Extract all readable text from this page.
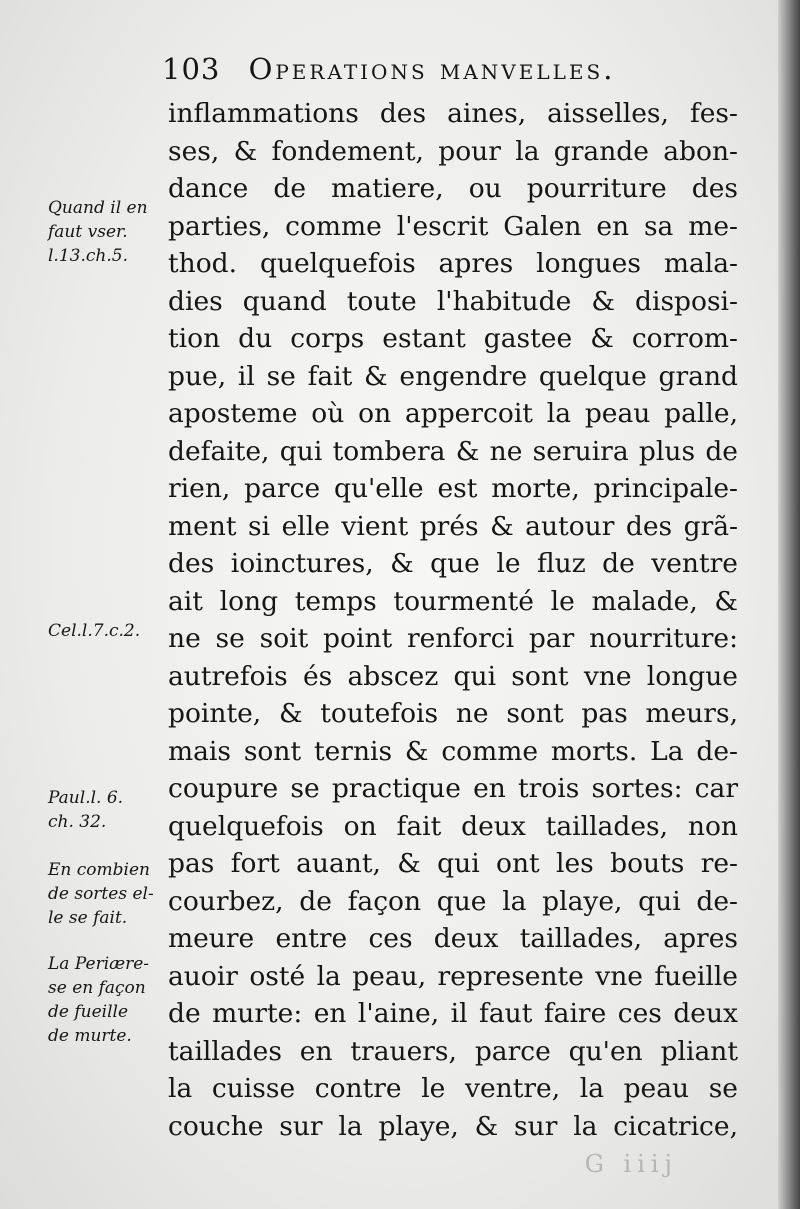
103 Operations manvelles.
inflammations des aines, aisselles, fes-
ses, & fondement, pour la grande abon-
dance de matiere, ou pourriture des
parties, comme l'escrit Galen en sa me-
thod. quelquefois apres longues mala-
dies quand toute l'habitude & disposi-
tion du corps estant gastee & corrom-
pue, il se fait & engendre quelque grand
aposteme où on appercoit la peau palle,
defaite, qui tombera & ne seruira plus de
rien, parce qu'elle est morte, principale-
ment si elle vient prés & autour des grã-
des ioinctures, & que le fluz de ventre
ait long temps tourmenté le malade, &
ne se soit point renforci par nourriture:
autrefois és abscez qui sont vne longue
pointe, & toutefois ne sont pas meurs,
mais sont ternis & comme morts. La de-
coupure se practique en trois sortes: car
quelquefois on fait deux taillades, non
pas fort auant, & qui ont les bouts re-
courbez, de façon que la playe, qui de-
meure entre ces deux taillades, apres
auoir osté la peau, represente vne fueille
de murte: en l'aine, il faut faire ces deux
taillades en trauers, parce qu'en pliant
la cuisse contre le ventre, la peau se
couche sur la playe, & sur la cicatrice,
Quand il en
faut vser.
l.13.ch.5.
Cel.l.7.c.2.
Paul.l. 6.
ch. 32.
En combien
de sortes el-
le se fait.
La Periære-
se en façon
de fueille
de murte.
G iiij
